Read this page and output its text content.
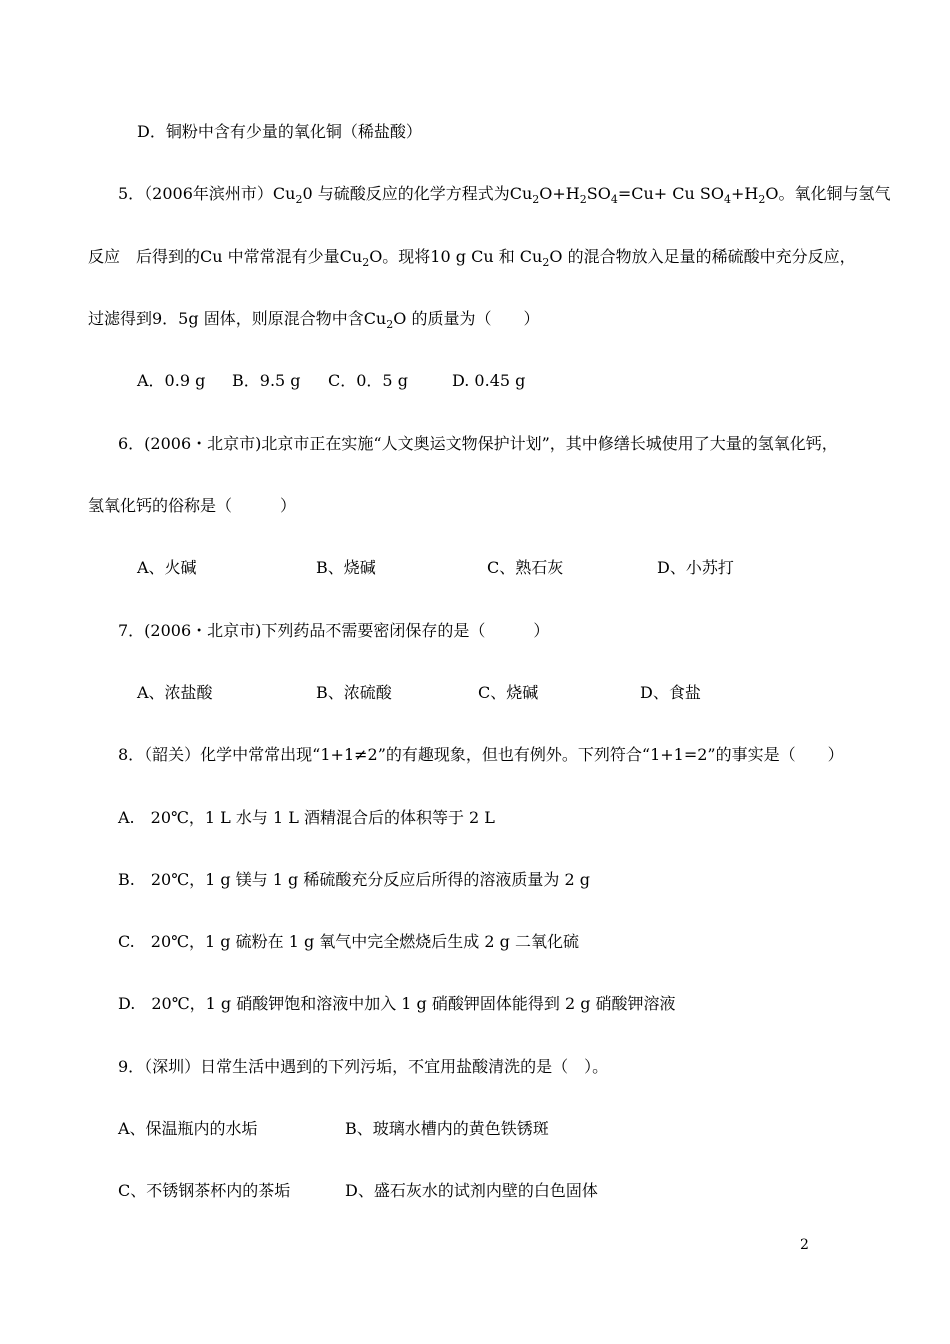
D．铜粉中含有少量的氧化铜（稀盐酸）
5．（2006年滨州市）$Cu_20$ 与硫酸反应的化学方程式为$Cu_2O+H_2SO_4=Cu+ Cu$ $SO_4+H_2O$。氧化铜与氢气
反应　后得到的Cu 中常常混有少量$Cu_2O$。现将10 g Cu 和 $Cu_2O$ 的混合物放入足量的稀硫酸中充分反应，
过滤得到9．5g 固体，则原混合物中含$Cu_2O$ 的质量为（　　）
A．0.9 g B．9.5 g C．0．5 g	D. 0.45 g
6．(2006・北京市)北京市正在实施“人文奥运文物保护计划”，其中修缮长城使用了大量的氢氧化钙，
氢氧化钙的俗称是（　　　）
A、火碱	B、烧碱	C、熟石灰	D、小苏打
7．(2006・北京市)下列药品不需要密闭保存的是（　　　）
A、浓盐酸	B、浓硫酸	C、烧碱	D、食盐
8．（韶关）化学中常常出现“1+1≠2”的有趣现象，但也有例外。下列符合“1+1=2”的事实是（　　）
A.　20℃，1 L 水与 1 L 酒精混合后的体积等于 2 L
B.　20℃，1 g 镁与 1 g 稀硫酸充分反应后所得的溶液质量为 2 g
C.　20℃，1 g 硫粉在 1 g 氧气中完全燃烧后生成 2 g 二氧化硫
D.　20℃，1 g 硝酸钾饱和溶液中加入 1 g 硝酸钾固体能得到 2 g 硝酸钾溶液
9．（深圳）日常生活中遇到的下列污垢，不宜用盐酸清洗的是（　）。
A、保温瓶内的水垢	B、玻璃水槽内的黄色铁锈斑
C、不锈钢茶杯内的茶垢	D、盛石灰水的试剂内壁的白色固体
2
